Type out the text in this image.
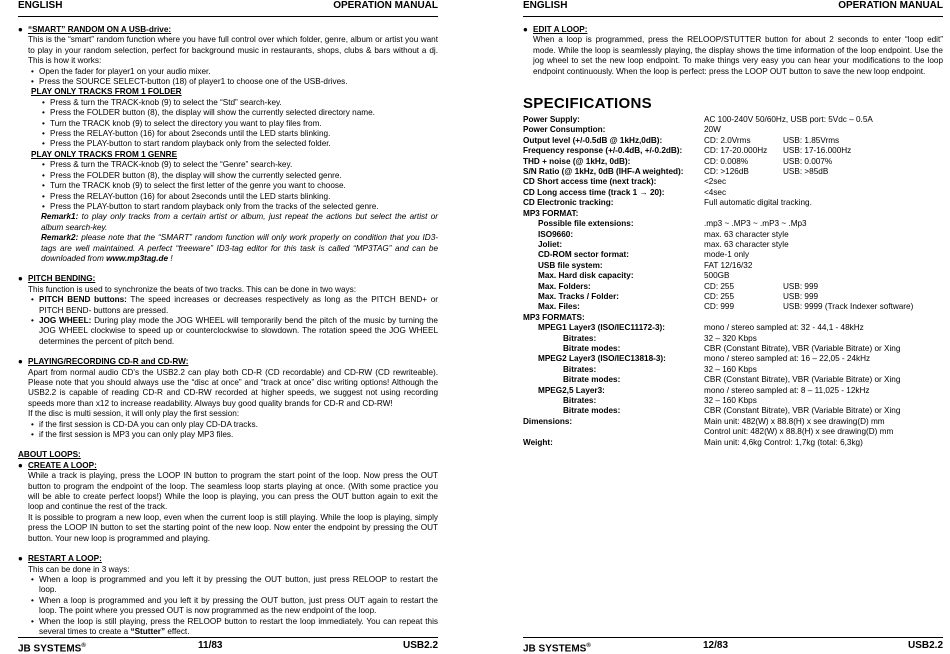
ENGLISH	OPERATION MANUAL
● “SMART” RANDOM ON A USB-drive:
This is the “smart” random function where you have full control over which folder, genre, album or artist you want to play in your random selection, perfect for background music in restaurants, shops, clubs & bars without a dj. This is how it works:
• Open the fader for player1 on your audio mixer.
• Press the SOURCE SELECT-button (18) of player1 to choose one of the USB-drives.
PLAY ONLY TRACKS FROM 1 FOLDER
• Press & turn the TRACK-knob (9) to select the “Std” search-key.
• Press the FOLDER button (8), the display will show the currently selected directory name.
• Turn the TRACK knob (9) to select the directory you want to play files from.
• Press the RELAY-button (16) for about 2seconds until the LED starts blinking.
• Press the PLAY-button to start random playback only from the selected folder.
PLAY ONLY TRACKS FROM 1 GENRE
• Press & turn the TRACK-knob (9) to select the “Genre” search-key.
• Press the FOLDER button (8), the display will show the currently selected genre.
• Turn the TRACK knob (9) to select the first letter of the genre you want to choose.
• Press the RELAY-button (16) for about 2seconds until the LED starts blinking.
• Press the PLAY-button to start random playback only from the tracks of the selected genre.
Remark1: to play only tracks from a certain artist or album, just repeat the actions but select the artist or album search-key.
Remark2: please note that the “SMART” random function will only work properly on condition that you ID3-tags are well maintained. A perfect “freeware” ID3-tag editor for this task is called “MP3TAG” and can be downloaded from www.mp3tag.de !
● PITCH BENDING:
This function is used to synchronize the beats of two tracks. This can be done in two ways:
• PITCH BEND buttons: The speed increases or decreases respectively as long as the PITCH BEND+ or PITCH BEND- buttons are pressed.
• JOG WHEEL: During play mode the JOG WHEEL will temporarily bend the pitch of the music by turning the JOG WHEEL clockwise to speed up or counterclockwise to slowdown. The rotation speed the JOG WHEEL determines the percent of pitch bend.
● PLAYING/RECORDING CD-R and CD-RW:
Apart from normal audio CD’s the USB2.2 can play both CD-R (CD recordable) and CD-RW (CD rewriteable). Please note that you should always use the “disc at once” and “track at once” disc writing options! Although the USB2.2 is capable of reading CD-R and CD-RW recorded at higher speeds, we suggest not using recording speeds more than x12 to increase readability. Always buy good quality brands for CD-R and CD-RW!
If the disc is multi session, it will only play the first session:
• if the first session is CD-DA you can only play CD-DA tracks.
• if the first session is MP3 you can only play MP3 files.
ABOUT LOOPS:
● CREATE A LOOP:
While a track is playing, press the LOOP IN button to program the start point of the loop. Now press the OUT button to program the endpoint of the loop. The seamless loop starts playing at once. (With some practice you will be able to create perfect loops!) While the loop is playing, you can press the OUT button again to exit the loop and continue the rest of the track.
It is possible to program a new loop, even when the current loop is still playing. While the loop is playing, simply press the LOOP IN button to set the starting point of the new loop. Now enter the endpoint by pressing the OUT button. Your new loop is programmed and playing.
● RESTART A LOOP:
This can be done in 3 ways:
• When a loop is programmed and you left it by pressing the OUT button, just press RELOOP to restart the loop.
• When a loop is programmed and you left it by pressing the OUT button, just press OUT again to restart the loop. The point where you pressed OUT is now programmed as the new endpoint of the loop.
• When the loop is still playing, press the RELOOP button to restart the loop immediately. You can repeat this several times to create a “Stutter” effect.
JB SYSTEMS®	11/83	USB2.2
ENGLISH	OPERATION MANUAL
● EDIT A LOOP:
When a loop is programmed, press the RELOOP/STUTTER button for about 2 seconds to enter “loop edit” mode. While the loop is seamlessly playing, the display shows the time information of the loop endpoint. Use the jog wheel to set the new loop endpoint. To make things very easy you can hear your modifications to the loop endpoint continuously. When the loop is perfect: press the LOOP OUT button to save the new loop endpoint.
SPECIFICATIONS
Power Supply:	AC 100-240V 50/60Hz, USB port: 5Vdc – 0.5A	
Power Consumption:	20W	
Output level (+/-0.5dB @ 1kHz,0dB):	CD: 2.0Vrms	USB: 1.85Vrms
Frequency response (+/-0.4dB, +/-0.2dB):	CD: 17-20.000Hz	USB: 17-16.000Hz
THD + noise (@ 1kHz, 0dB):	CD: 0.008%	USB: 0.007%
S/N Ratio (@ 1kHz, 0dB (IHF-A weighted):	CD: >126dB	USB: >85dB
CD Short access time (next track):	<2sec	
CD Long access time (track 1 → 20):	<4sec	
CD Electronic tracking:	Full automatic digital tracking.	
MP3 FORMAT:		
Possible file extensions:	.mp3 ~ .MP3 ~ .mP3 ~ .Mp3	
ISO9660:	max. 63 character style	
Joliet:	max. 63 character style	
CD-ROM sector format:	mode-1 only	
USB file system:	FAT 12/16/32	
Max. Hard disk capacity:	500GB	
Max. Folders:	CD: 255	USB: 999
Max. Tracks / Folder:	CD: 255	USB: 999
Max. Files:	CD: 999	USB: 9999 (Track Indexer software)
MP3 FORMATS:		
MPEG1 Layer3 (ISO/IEC11172-3):	mono / stereo sampled at: 32 - 44,1 - 48kHz	
Bitrates:	32 – 320 Kbps	
Bitrate modes:	CBR (Constant Bitrate), VBR (Variable Bitrate) or Xing	
MPEG2 Layer3 (ISO/IEC13818-3):	mono / stereo sampled at: 16 – 22,05 - 24kHz	
Bitrates:	32 – 160 Kbps	
Bitrate modes:	CBR (Constant Bitrate), VBR (Variable Bitrate) or Xing	
MPEG2,5 Layer3:	mono / stereo sampled at: 8 – 11,025 - 12kHz	
Bitrates:	32 – 160 Kbps	
Bitrate modes:	CBR (Constant Bitrate), VBR (Variable Bitrate) or Xing	
Dimensions:	Main unit: 482(W) x 88.8(H) x see drawing(D) mm	
	Control unit: 482(W) x 88.8(H) x see drawing(D) mm	
Weight:	Main unit: 4,6kg Control: 1,7kg (total: 6,3kg)	
JB SYSTEMS®	12/83	USB2.2
